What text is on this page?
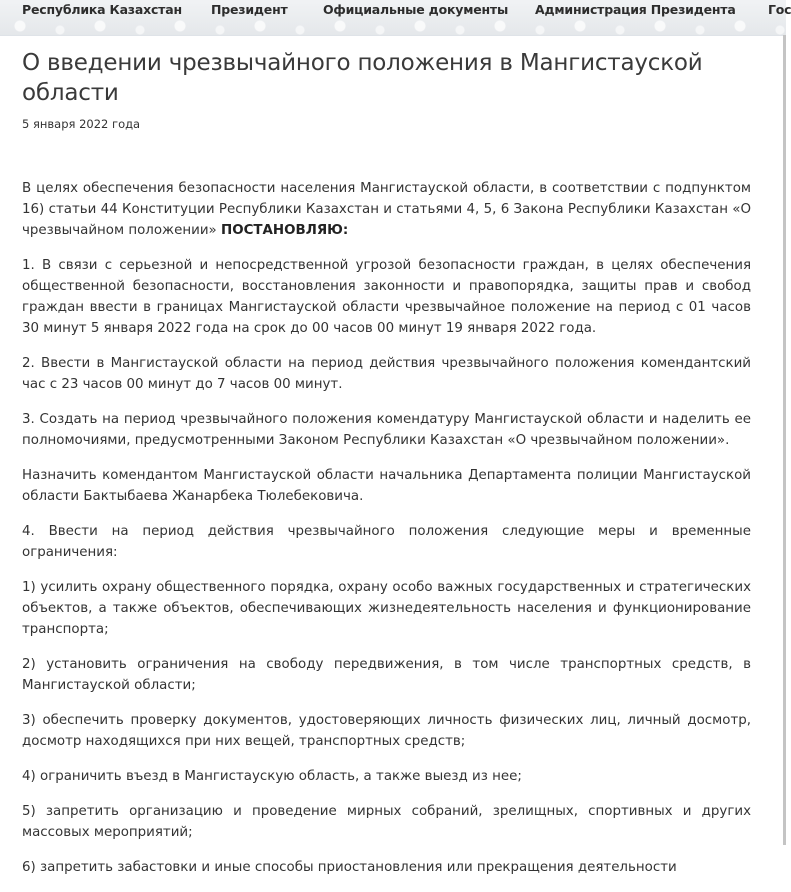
Республика Казахстан Президент	Официальные документы Администрация Президента	Гос
О введении чрезвычайного положения в Мангистауской области
5 января 2022 года

В целях обеспечения безопасности населения Мангистауской области, в соответствии с подпунктом 16) статьи 44 Конституции Республики Казахстан и статьями 4, 5, 6 Закона Республики Казахстан «О чрезвычайном положении» ПОСТАНОВЛЯЮ:

1. В связи с серьезной и непосредственной угрозой безопасности граждан, в целях обеспечения общественной безопасности, восстановления законности и правопорядка, защиты прав и свобод граждан ввести в границах Мангистауской области чрезвычайное положение на период с 01 часов 30 минут 5 января 2022 года на срок до 00 часов 00 минут 19 января 2022 года.

2. Ввести в Мангистауской области на период действия чрезвычайного положения комендантский час с 23 часов 00 минут до 7 часов 00 минут.

3. Создать на период чрезвычайного положения комендатуру Мангистауской области и наделить ее полномочиями, предусмотренными Законом Республики Казахстан «О чрезвычайном положении».

Назначить комендантом Мангистауской области начальника Департамента полиции Мангистауской области Бактыбаева Жанарбека Тюлебековича.

4. Ввести на период действия чрезвычайного положения следующие меры и временные ограничения:

1) усилить охрану общественного порядка, охрану особо важных государственных и стратегических объектов, а также объектов, обеспечивающих жизнедеятельность населения и функционирование транспорта;

2) установить ограничения на свободу передвижения, в том числе транспортных средств, в Мангистауской области;

3) обеспечить проверку документов, удостоверяющих личность физических лиц, личный досмотр, досмотр находящихся при них вещей, транспортных средств;

4) ограничить въезд в Мангистаускую область, а также выезд из нее;

5) запретить организацию и проведение мирных собраний, зрелищных, спортивных и других массовых мероприятий;

6) запретить забастовки и иные способы приостановления или прекращения деятельности
